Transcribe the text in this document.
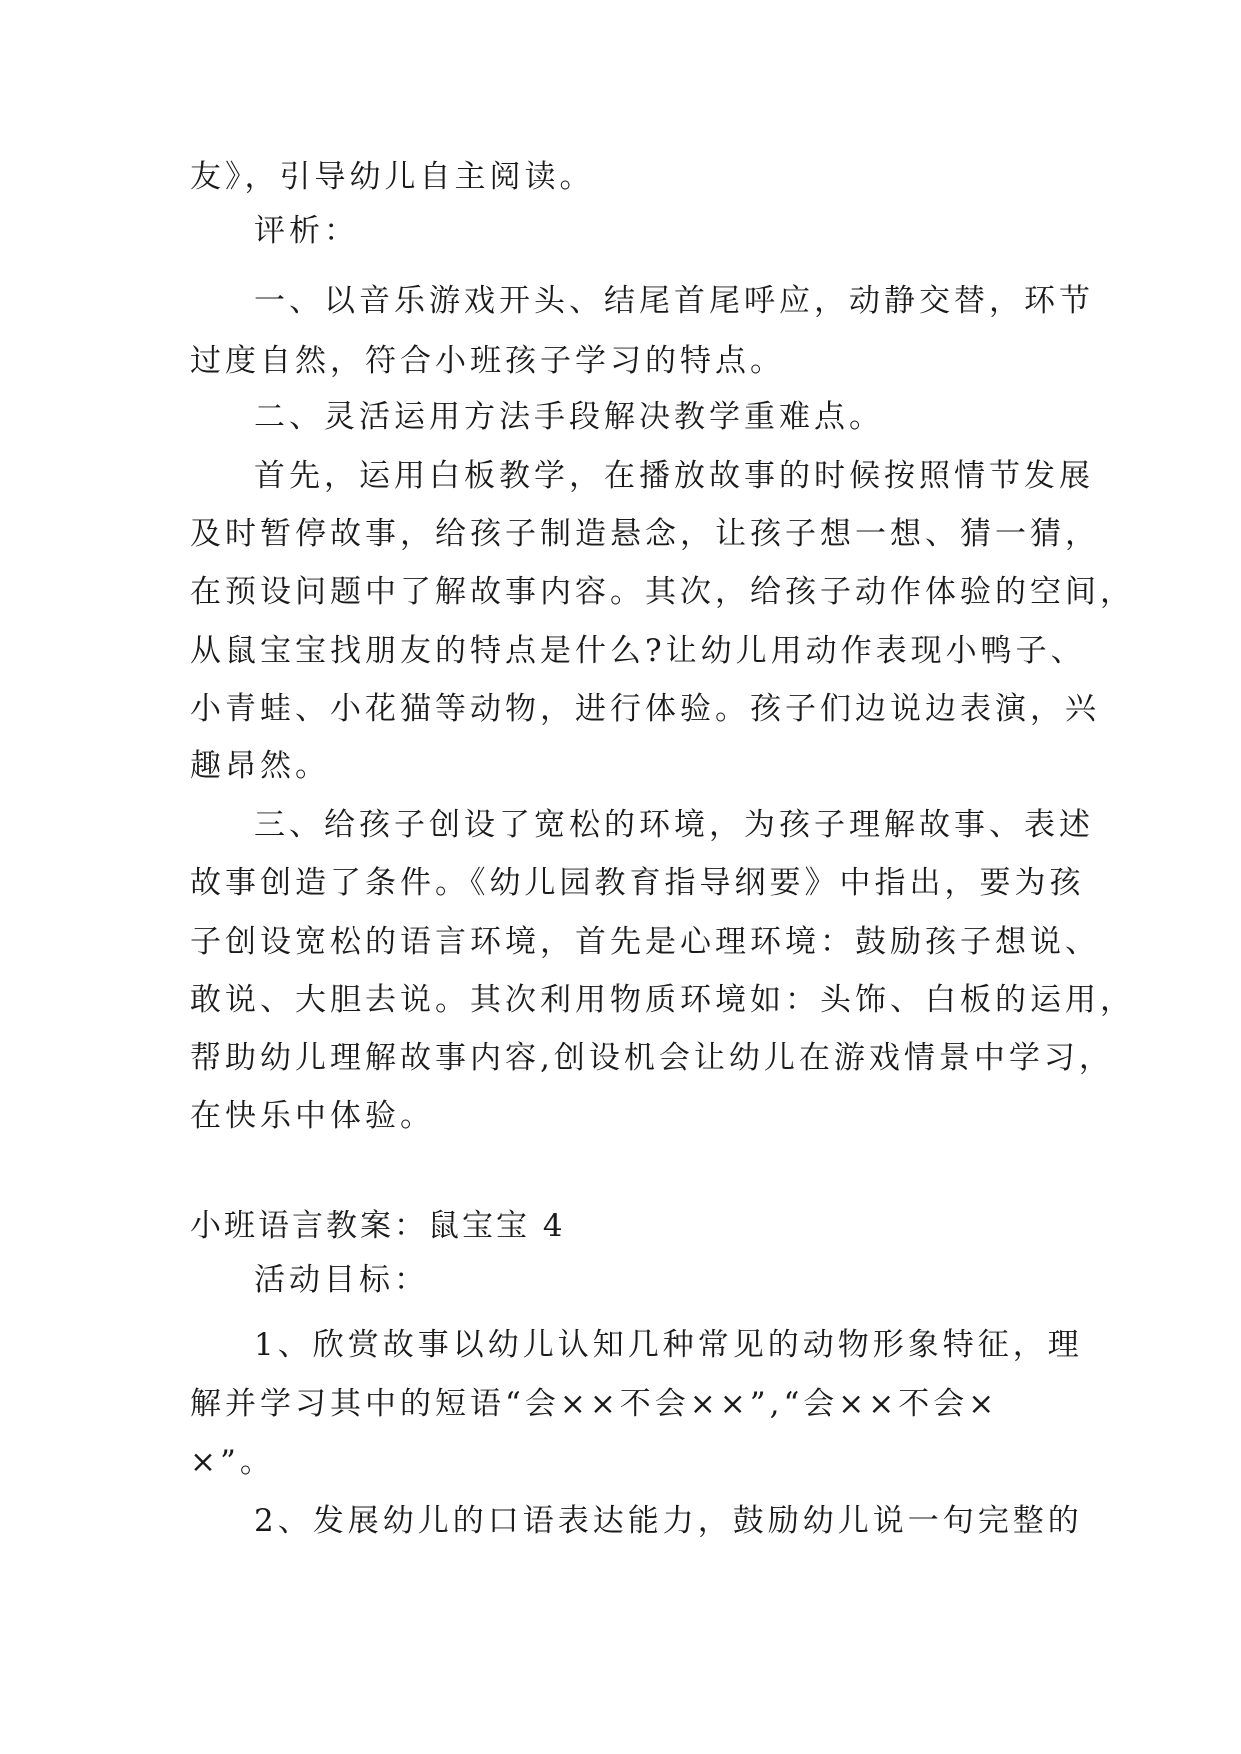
友》，引导幼儿自主阅读。
评析：
一、以音乐游戏开头、结尾首尾呼应，动静交替，环节
过度自然，符合小班孩子学习的特点。
二、灵活运用方法手段解决教学重难点。
首先，运用白板教学，在播放故事的时候按照情节发展
及时暂停故事，给孩子制造悬念，让孩子想一想、猜一猜，
在预设问题中了解故事内容。其次，给孩子动作体验的空间，
从鼠宝宝找朋友的特点是什么?让幼儿用动作表现小鸭子、
小青蛙、小花猫等动物，进行体验。孩子们边说边表演，兴
趣昂然。
三、给孩子创设了宽松的环境，为孩子理解故事、表述
故事创造了条件。《幼儿园教育指导纲要》中指出，要为孩
子创设宽松的语言环境，首先是心理环境：鼓励孩子想说、
敢说、大胆去说。其次利用物质环境如：头饰、白板的运用，
帮助幼儿理解故事内容,创设机会让幼儿在游戏情景中学习，
在快乐中体验。
小班语言教案：鼠宝宝 4
活动目标：
1、欣赏故事以幼儿认知几种常见的动物形象特征，理
解并学习其中的短语“会××不会××”,“会××不会×
×”。
2、发展幼儿的口语表达能力，鼓励幼儿说一句完整的
